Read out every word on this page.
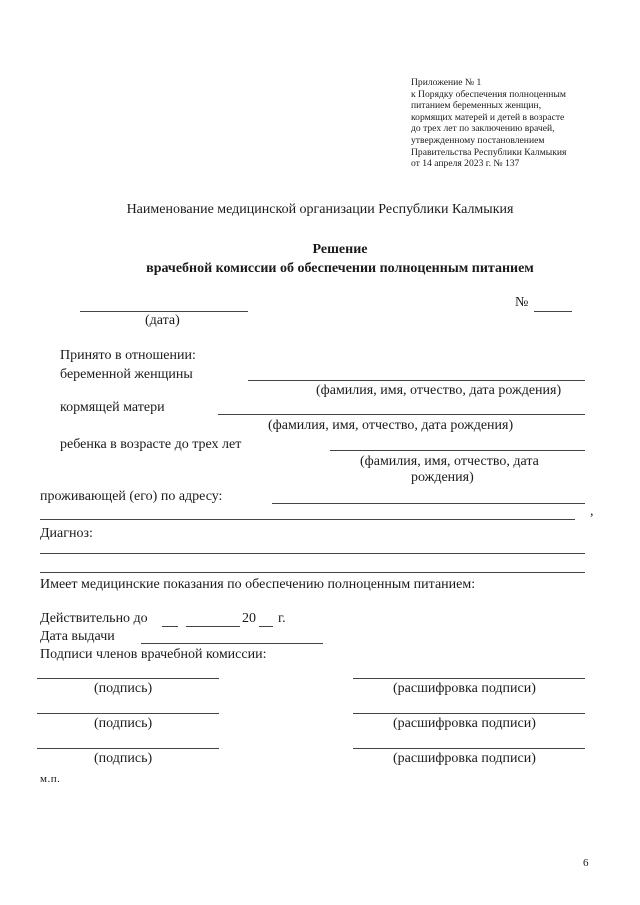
Приложение № 1
к Порядку обеспечения полноценным
питанием беременных женщин,
кормящих матерей и детей в возрасте
до трех лет по заключению врачей,
утвержденному постановлением
Правительства Республики Калмыкия
от 14 апреля 2023 г. № 137
Наименование медицинской организации Республики Калмыкия
Решение
врачебной комиссии об обеспечении полноценным питанием
(дата)
№
Принято в отношении:
беременной женщины
(фамилия, имя, отчество, дата рождения)
кормящей матери
(фамилия, имя, отчество, дата рождения)
ребенка в возрасте до трех лет
(фамилия, имя, отчество, дата
рождения)
проживающей (его) по адресу:
,
Диагноз:
Имеет медицинские показания по обеспечению полноценным питанием:
Действительно до	20 г.
Дата выдачи
Подписи членов врачебной комиссии:
(подпись)	(расшифровка подписи)
(подпись)	(расшифровка подписи)
(подпись)	(расшифровка подписи)
м.п.
6
